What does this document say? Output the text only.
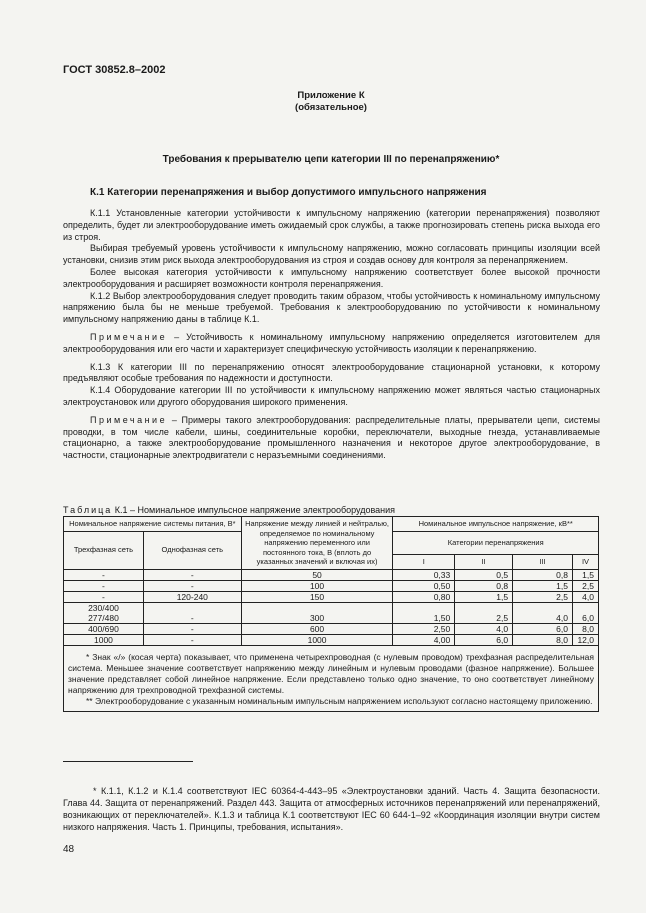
ГОСТ 30852.8–2002
Приложение К
(обязательное)
Требования к прерывателю цепи категории III по перенапряжению*
К.1 Категории перенапряжения и выбор допустимого импульсного напряжения

К.1.1 Установленные категории устойчивости к импульсному напряжению (категории перенапряжения) позволяют определить, будет ли электрооборудование иметь ожидаемый срок службы, а также прогнозировать степень риска выхода его из строя.

Выбирая требуемый уровень устойчивости к импульсному напряжению, можно согласовать принципы изоляции всей установки, снизив этим риск выхода электрооборудования из строя и создав основу для контроля за перенапряжением.

Более высокая категория устойчивости к импульсному напряжению соответствует более высокой прочности электрооборудования и расширяет возможности контроля перенапряжения.

К.1.2 Выбор электрооборудования следует проводить таким образом, чтобы устойчивость к номинальному импульсному напряжению была бы не меньше требуемой. Требования к электрооборудованию по устойчивости к номинальному импульсному напряжению даны в таблице К.1.

Примечание – Устойчивость к номинальному импульсному напряжению определяется изготовителем для электрооборудования или его части и характеризует специфическую устойчивость изоляции к перенапряжению.

К.1.3 К категории III по перенапряжению относят электрооборудование стационарной установки, к которому предъявляют особые требования по надежности и доступности.

К.1.4 Оборудование категории III по устойчивости к импульсному напряжению может являться частью стационарных электроустановок или другого оборудования широкого применения.

Примечание – Примеры такого электрооборудования: распределительные платы, прерыватели цепи, системы проводки, в том числе кабели, шины, соединительные коробки, переключатели, выходные гнезда, устанавливаемые стационарно, а также электрооборудование промышленного назначения и некоторое другое электрооборудование, в частности, стационарные электродвигатели с неразъемными соединениями.

Таблица К.1 – Номинальное импульсное напряжение электрооборудования
Номинальное напряжение системы питания, В*		Напряжение между линией и нейтралью, определяемое по номинальному напряжению переменного или постоянного тока, В (вплоть до указанных значений и включая их)	Номинальное импульсное напряжение, кВ**			
Трехфазная сеть	Однофазная сеть		Категории перенапряжения			
			I	II	III	IV
-	-	50	0,33	0,5	0,8	1,5
-	-	100	0,50	0,8	1,5	2,5
-	120-240	150	0,80	1,5	2,5	4,0

230/400
277/480	-	300	1,50	2,5	4,0	6,0
400/690	-	600	2,50	4,0	6,0	8,0
1000	-	1000	4,00	6,0	8,0	12,0

* Знак «/» (косая черта) показывает, что применена четырехпроводная (с нулевым проводом) трехфазная распределительная система. Меньшее значение соответствует напряжению между линейным и нулевым проводами (фазное напряжение). Большее значение представляет собой линейное напряжение. Если представлено только одно значение, то оно соответствует линейному напряжению для трехпроводной трехфазной системы.

** Электрооборудование с указанным номинальным импульсным напряжением используют согласно настоящему приложению.						

* К.1.1, К.1.2 и К.1.4 соответствуют IEC 60364-4-443–95 «Электроустановки зданий. Часть 4. Защита безопасности. Глава 44. Защита от перенапряжений. Раздел 443. Защита от атмосферных источников перенапряжений или перенапряжений, возникающих от переключателей». К.1.3 и таблица К.1 соответствуют IEC 60 644-1–92 «Координация изоляции внутри систем низкого напряжения. Часть 1. Принципы, требования, испытания».

48
